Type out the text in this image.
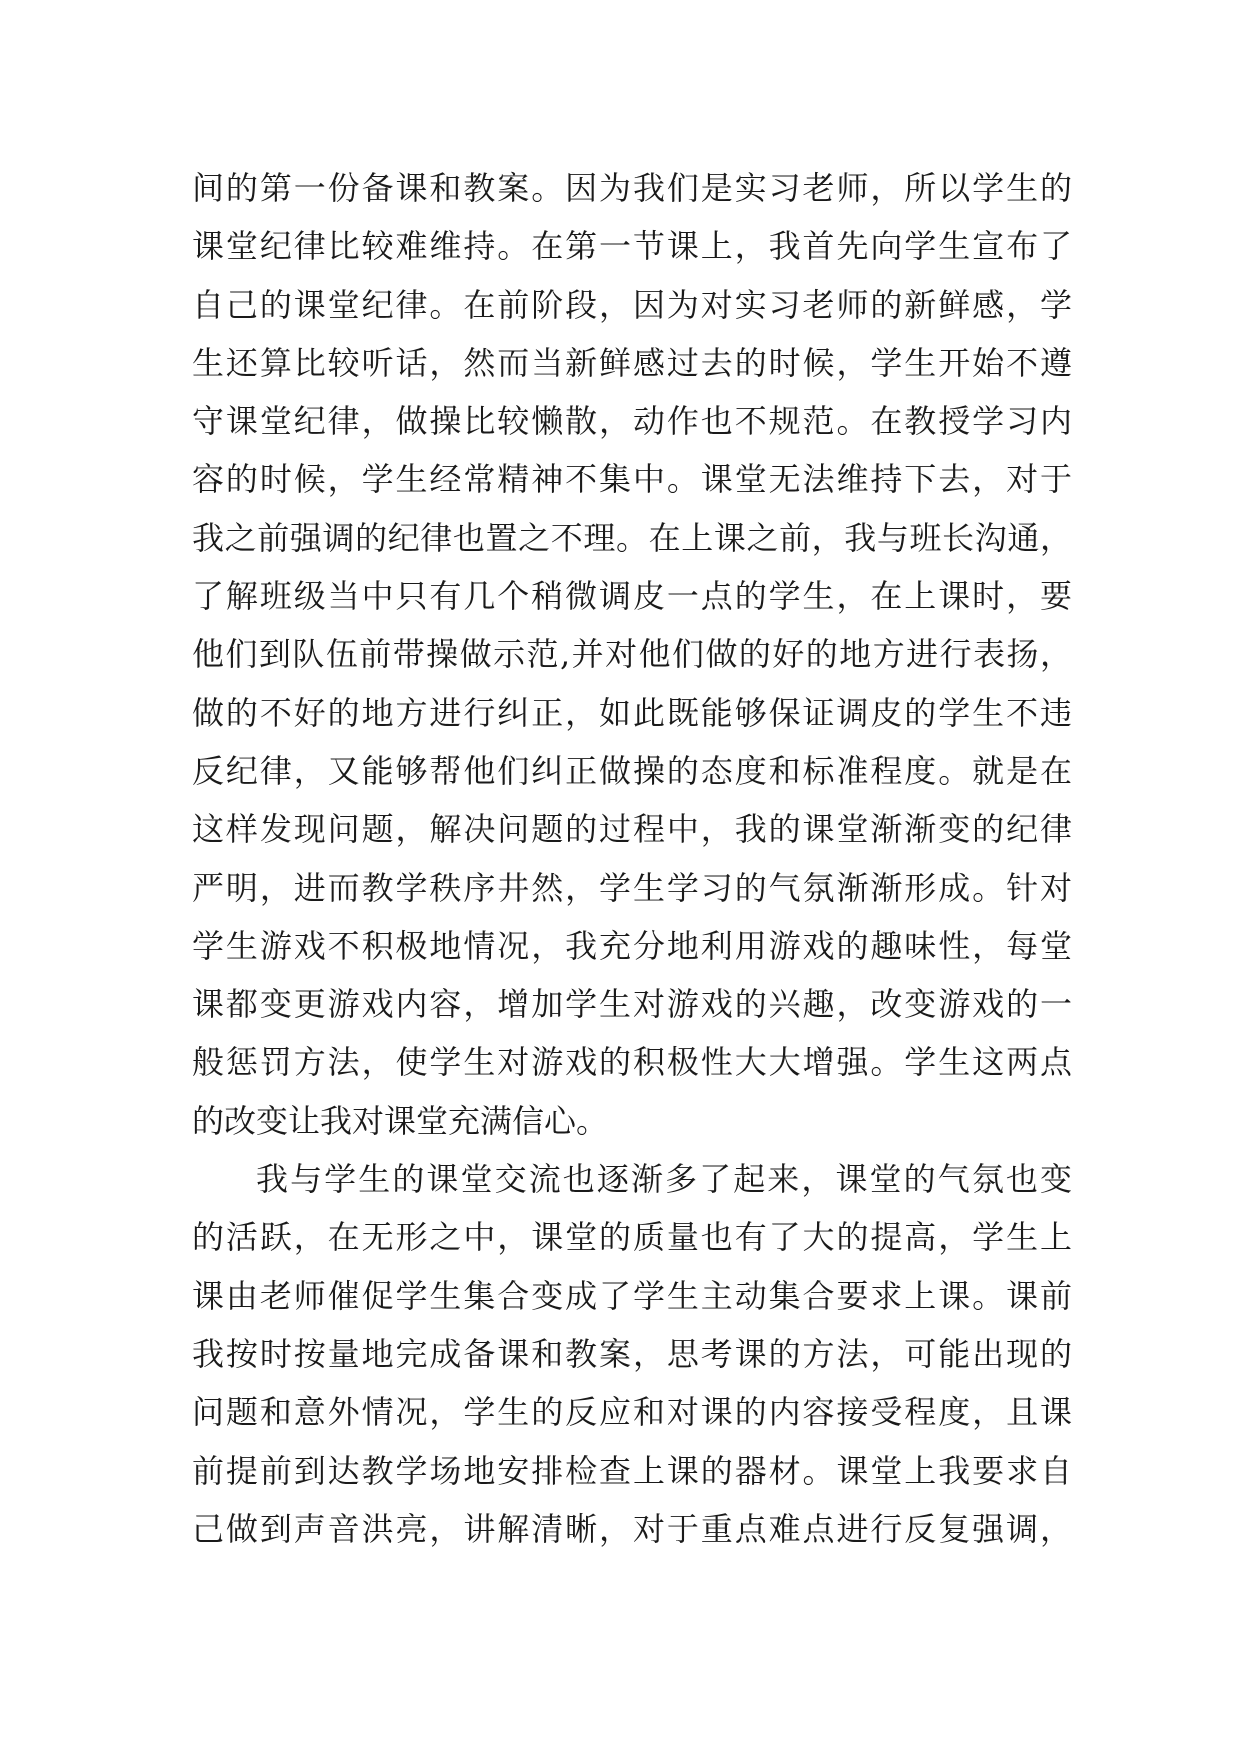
间的第一份备课和教案。因为我们是实习老师，所以学生的
课堂纪律比较难维持。在第一节课上，我首先向学生宣布了
自己的课堂纪律。在前阶段，因为对实习老师的新鲜感，学
生还算比较听话，然而当新鲜感过去的时候，学生开始不遵
守课堂纪律，做操比较懒散，动作也不规范。在教授学习内
容的时候，学生经常精神不集中。课堂无法维持下去，对于
我之前强调的纪律也置之不理。在上课之前，我与班长沟通，
了解班级当中只有几个稍微调皮一点的学生，在上课时，要
他们到队伍前带操做示范,并对他们做的好的地方进行表扬，
做的不好的地方进行纠正，如此既能够保证调皮的学生不违
反纪律，又能够帮他们纠正做操的态度和标准程度。就是在
这样发现问题，解决问题的过程中，我的课堂渐渐变的纪律
严明，进而教学秩序井然，学生学习的气氛渐渐形成。针对
学生游戏不积极地情况，我充分地利用游戏的趣味性，每堂
课都变更游戏内容，增加学生对游戏的兴趣，改变游戏的一
般惩罚方法，使学生对游戏的积极性大大增强。学生这两点
的改变让我对课堂充满信心。
我与学生的课堂交流也逐渐多了起来，课堂的气氛也变
的活跃，在无形之中，课堂的质量也有了大的提高，学生上
课由老师催促学生集合变成了学生主动集合要求上课。课前
我按时按量地完成备课和教案，思考课的方法，可能出现的
问题和意外情况，学生的反应和对课的内容接受程度，且课
前提前到达教学场地安排检查上课的器材。课堂上我要求自
己做到声音洪亮，讲解清晰，对于重点难点进行反复强调，
